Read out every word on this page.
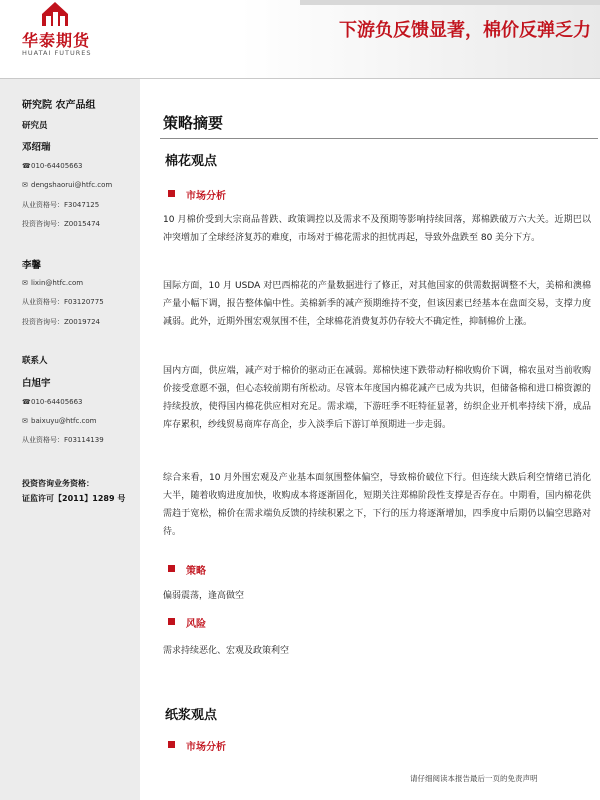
华泰期货
HUATAI FUTURES
下游负反馈显著，棉价反弹乏力
研究院 农产品组
研究员
邓绍瑞
☎010-64405663
✉ dengshaorui@htfc.com
从业资格号：F3047125
投资咨询号：Z0015474
李馨
✉ lixin@htfc.com
从业资格号：F03120775
投资咨询号：Z0019724
联系人
白旭宇
☎010-64405663
✉ baixuyu@htfc.com
从业资格号：F03114139
投资咨询业务资格：
证监许可【2011】1289 号
策略摘要
棉花观点
市场分析
10 月棉价受到大宗商品普跌、政策调控以及需求不及预期等影响持续回落，郑棉跌破万六大关。近期巴以冲突增加了全球经济复苏的难度，市场对于棉花需求的担忧再起，导致外盘跌至 80 美分下方。
国际方面，10 月 USDA 对巴西棉花的产量数据进行了修正，对其他国家的供需数据调整不大，美棉和澳棉产量小幅下调，报告整体偏中性。美棉新季的减产预期维持不变，但该因素已经基本在盘面交易，支撑力度减弱。此外，近期外围宏观氛围不佳，全球棉花消费复苏仍存较大不确定性，抑制棉价上涨。
国内方面，供应端，减产对于棉价的驱动正在减弱。郑棉快速下跌带动籽棉收购价下调，棉农虽对当前收购价接受意愿不强，但心态较前期有所松动。尽管本年度国内棉花减产已成为共识，但储备棉和进口棉资源的持续投放，使得国内棉花供应相对充足。需求端，下游旺季不旺特征显著，纺织企业开机率持续下滑，成品库存累积，纱线贸易商库存高企，步入淡季后下游订单预期进一步走弱。
综合来看，10 月外围宏观及产业基本面氛围整体偏空，导致棉价破位下行。但连续大跌后利空情绪已消化大半，随着收购进度加快，收购成本将逐渐固化，短期关注郑棉阶段性支撑是否存在。中期看，国内棉花供需趋于宽松，棉价在需求端负反馈的持续积累之下，下行的压力将逐渐增加，四季度中后期仍以偏空思路对待。
策略
偏弱震荡，逢高做空
风险
需求持续恶化、宏观及政策利空
纸浆观点
市场分析
请仔细阅读本报告最后一页的免责声明
